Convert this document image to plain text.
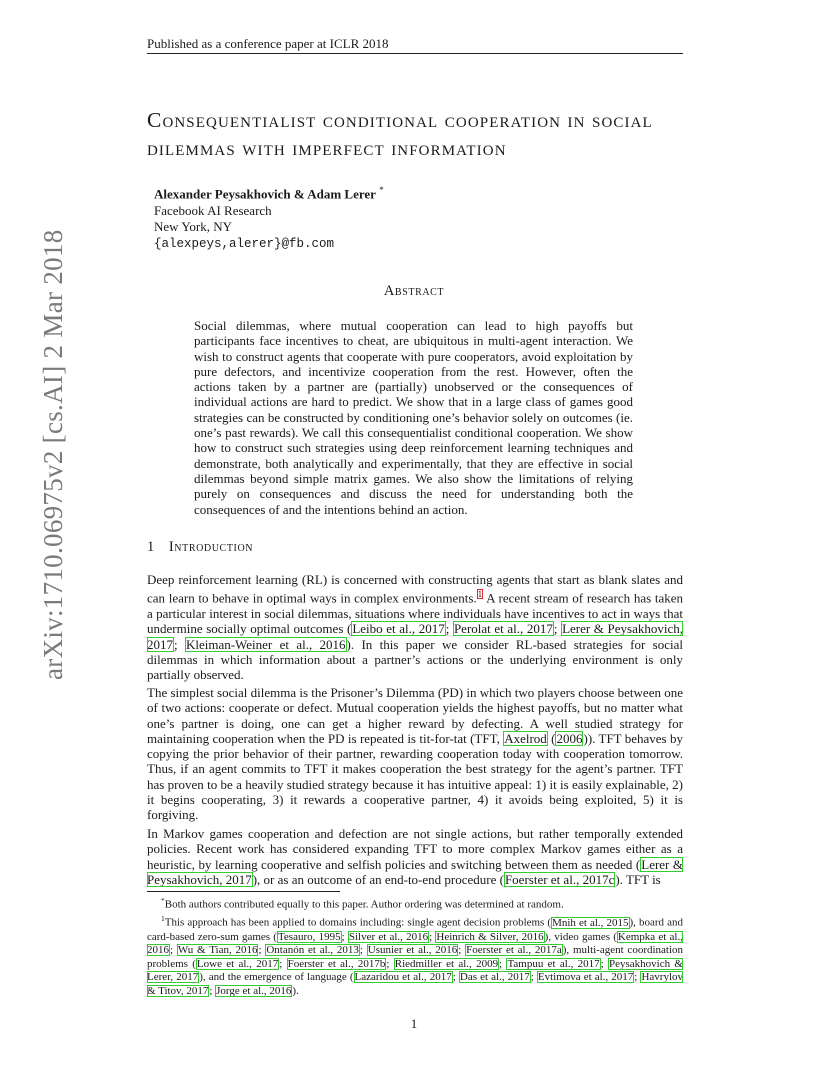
Published as a conference paper at ICLR 2018
Consequentialist conditional cooperation in social dilemmas with imperfect information
Alexander Peysakhovich & Adam Lerer *
Facebook AI Research
New York, NY
{alexpeys,alerer}@fb.com
Abstract
Social dilemmas, where mutual cooperation can lead to high payoffs but participants face incentives to cheat, are ubiquitous in multi-agent interaction. We wish to construct agents that cooperate with pure cooperators, avoid exploitation by pure defectors, and incentivize cooperation from the rest. However, often the actions taken by a partner are (partially) unobserved or the consequences of individual actions are hard to predict. We show that in a large class of games good strategies can be constructed by conditioning one’s behavior solely on outcomes (ie. one’s past rewards). We call this consequentialist conditional cooperation. We show how to construct such strategies using deep reinforcement learning techniques and demonstrate, both analytically and experimentally, that they are effective in social dilemmas beyond simple matrix games. We also show the limitations of relying purely on consequences and discuss the need for understanding both the consequences of and the intentions behind an action.
1 Introduction
Deep reinforcement learning (RL) is concerned with constructing agents that start as blank slates and can learn to behave in optimal ways in complex environments.$^1$ A recent stream of research has taken a particular interest in social dilemmas, situations where individuals have incentives to act in ways that undermine socially optimal outcomes (Leibo et al., 2017; Perolat et al., 2017; Lerer & Peysakhovich, 2017; Kleiman-Weiner et al., 2016). In this paper we consider RL-based strategies for social dilemmas in which information about a partner’s actions or the underlying environment is only partially observed.
The simplest social dilemma is the Prisoner’s Dilemma (PD) in which two players choose between one of two actions: cooperate or defect. Mutual cooperation yields the highest payoffs, but no matter what one’s partner is doing, one can get a higher reward by defecting. A well studied strategy for maintaining cooperation when the PD is repeated is tit-for-tat (TFT, Axelrod (2006)). TFT behaves by copying the prior behavior of their partner, rewarding cooperation today with cooperation tomorrow. Thus, if an agent commits to TFT it makes cooperation the best strategy for the agent’s partner. TFT has proven to be a heavily studied strategy because it has intuitive appeal: 1) it is easily explainable, 2) it begins cooperating, 3) it rewards a cooperative partner, 4) it avoids being exploited, 5) it is forgiving.
In Markov games cooperation and defection are not single actions, but rather temporally extended policies. Recent work has considered expanding TFT to more complex Markov games either as a heuristic, by learning cooperative and selfish policies and switching between them as needed (Lerer & Peysakhovich, 2017), or as an outcome of an end-to-end procedure (Foerster et al., 2017c). TFT is

*Both authors contributed equally to this paper. Author ordering was determined at random.

$^1$This approach has been applied to domains including: single agent decision problems (Mnih et al., 2015), board and card-based zero-sum games (Tesauro, 1995; Silver et al., 2016; Heinrich & Silver, 2016), video games (Kempka et al., 2016; Wu & Tian, 2016; Ontanón et al., 2013; Usunier et al., 2016; Foerster et al., 2017a), multi-agent coordination problems (Lowe et al., 2017; Foerster et al., 2017b; Riedmiller et al., 2009; Tampuu et al., 2017; Peysakhovich & Lerer, 2017), and the emergence of language (Lazaridou et al., 2017; Das et al., 2017; Evtimova et al., 2017; Havrylov & Titov, 2017; Jorge et al., 2016).

1
arXiv:1710.06975v2 [cs.AI] 2 Mar 2018
